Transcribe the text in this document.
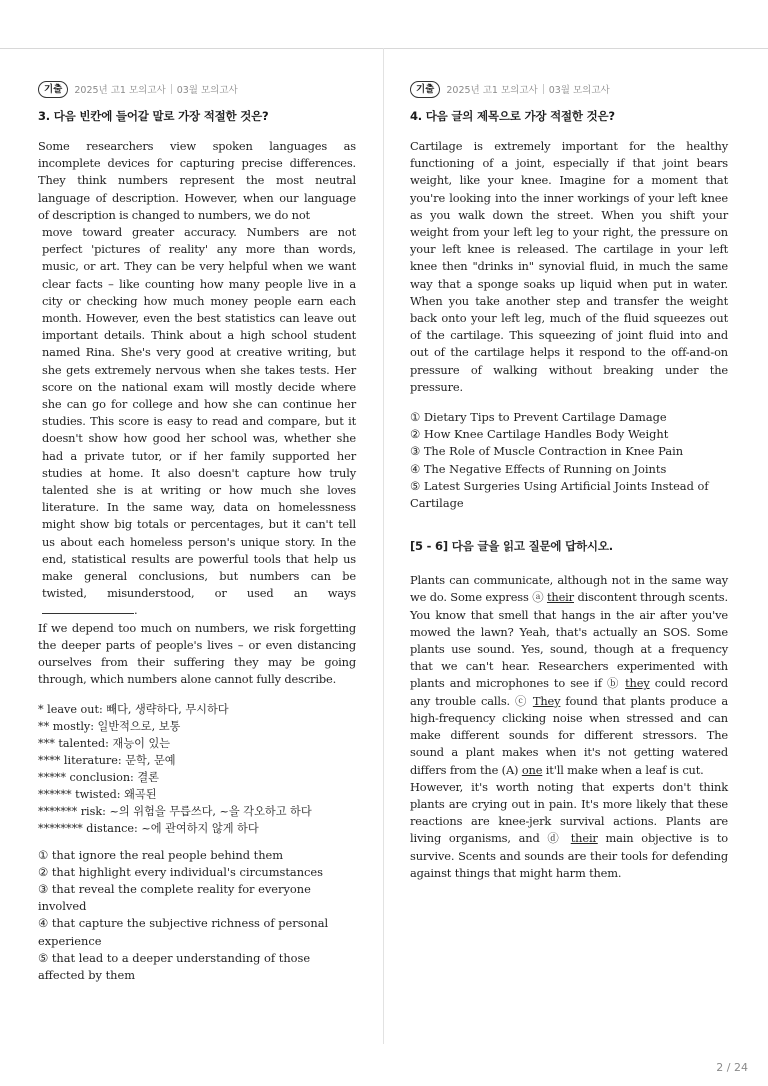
기출	2025년 고1 모의고사 03월 모의고사
3. 다음 빈칸에 들어갈 말로 가장 적절한 것은?

Some researchers view spoken languages as incomplete devices for capturing precise differences. They think numbers represent the most neutral language of description. However, when our language of description is changed to numbers, we do not

move toward greater accuracy. Numbers are not perfect 'pictures of reality' any more than words, music, or art. They can be very helpful when we want clear facts – like counting how many people live in a city or checking how much money people earn each month. However, even the best statistics can leave out important details. Think about a high school student named Rina. She's very good at creative writing, but she gets extremely nervous when she takes tests. Her score on the national exam will mostly decide where she can go for college and how she can continue her studies. This score is easy to read and compare, but it doesn't show how good her school was, whether she had a private tutor, or if her family supported her studies at home. It also doesn't capture how truly talented she is at writing or how much she loves literature. In the same way, data on homelessness might show big totals or percentages, but it can't tell us about each homeless person's unique story. In the end, statistical results are powerful tools that help us make general conclusions, but numbers can be twisted, misunderstood, or used an ways .

If we depend too much on numbers, we risk forgetting the deeper parts of people's lives – or even distancing ourselves from their suffering they may be going through, which numbers alone cannot fully describe.

* leave out: 빼다, 생략하다, 무시하다
** mostly: 일반적으로, 보통
*** talented: 재능이 있는
**** literature: 문학, 문예
***** conclusion: 결론
****** twisted: 왜곡된
******* risk: ~의 위험을 무릅쓰다, ~을 각오하고 하다
******** distance: ~에 관여하지 않게 하다
① that ignore the real people behind them
② that highlight every individual's circumstances
③ that reveal the complete reality for everyone involved
④ that capture the subjective richness of personal experience
⑤ that lead to a deeper understanding of those affected by them
기출	2025년 고1 모의고사 03월 모의고사
4. 다음 글의 제목으로 가장 적절한 것은?
Cartilage is extremely important for the healthy functioning of a joint, especially if that joint bears weight, like your knee. Imagine for a moment that you're looking into the inner workings of your left knee as you walk down the street. When you shift your weight from your left leg to your right, the pressure on your left knee is released. The cartilage in your left knee then "drinks in" synovial fluid, in much the same way that a sponge soaks up liquid when put in water. When you take another step and transfer the weight back onto your left leg, much of the fluid squeezes out of the cartilage. This squeezing of joint fluid into and out of the cartilage helps it respond to the off-and-on pressure of walking without breaking under the pressure.
① Dietary Tips to Prevent Cartilage Damage
② How Knee Cartilage Handles Body Weight
③ The Role of Muscle Contraction in Knee Pain
④ The Negative Effects of Running on Joints
⑤ Latest Surgeries Using Artificial Joints Instead of Cartilage
[5 - 6] 다음 글을 읽고 질문에 답하시오.

Plants can communicate, although not in the same way we do. Some express ⓐ their discontent through scents. You know that smell that hangs in the air after you've mowed the lawn? Yeah, that's actually an SOS. Some plants use sound. Yes, sound, though at a frequency that we can't hear. Researchers experimented with plants and microphones to see if ⓑ they could record any trouble calls. ⓒ They found that plants produce a high-frequency clicking noise when stressed and can make different sounds for different stressors. The sound a plant makes when it's not getting watered differs from the (A) one it'll make when a leaf is cut.

However, it's worth noting that experts don't think plants are crying out in pain. It's more likely that these reactions are knee-jerk survival actions. Plants are living organisms, and ⓓ their main objective is to survive. Scents and sounds are their tools for defending against things that might harm them.

2 / 24
